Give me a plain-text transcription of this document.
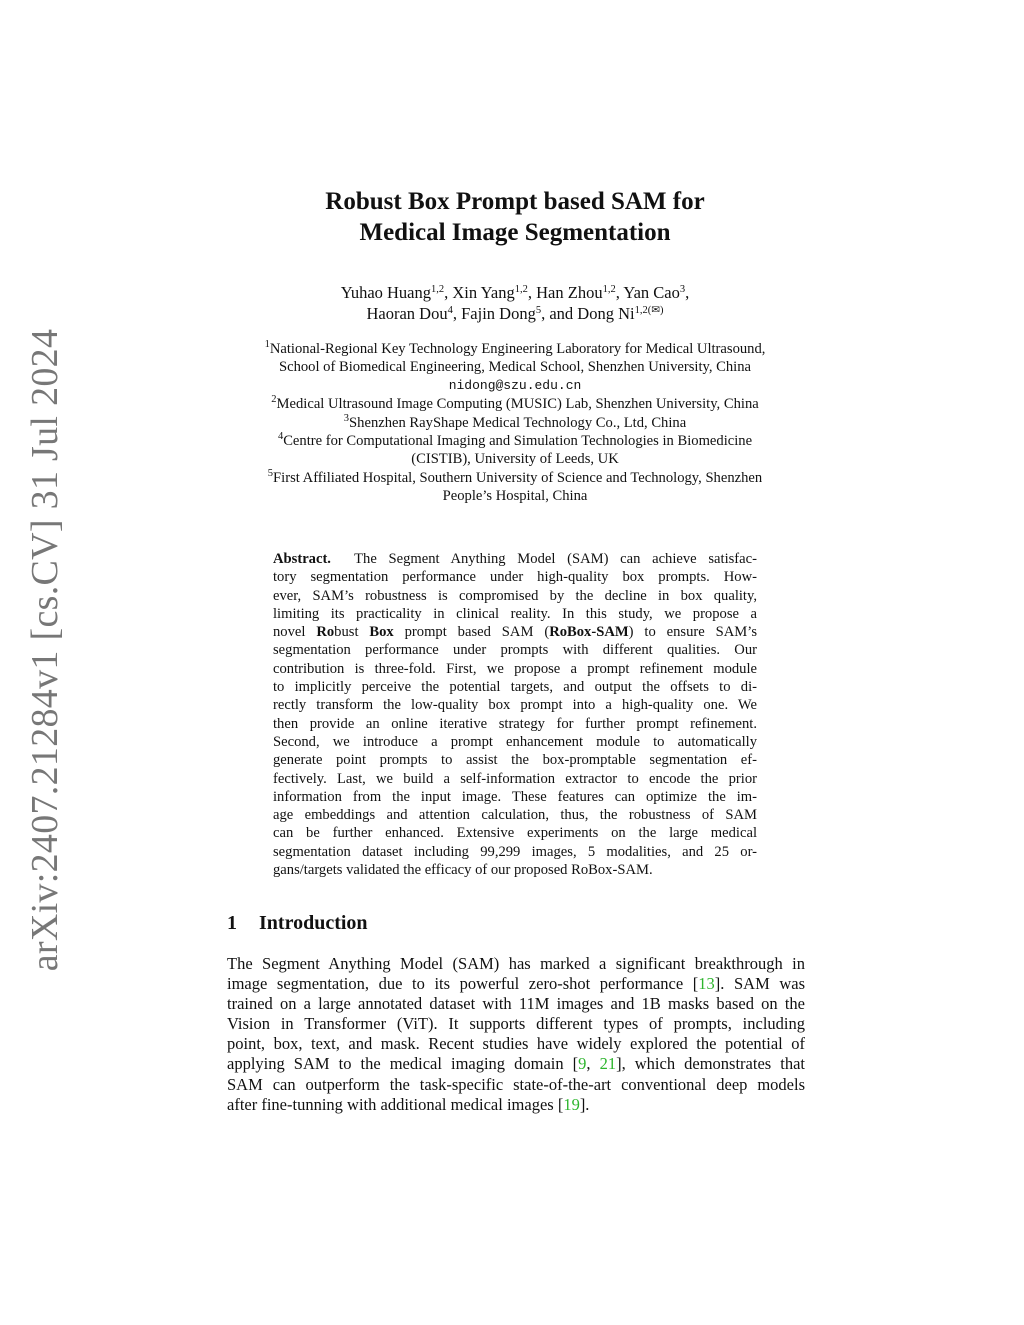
arXiv:2407.21284v1 [cs.CV] 31 Jul 2024
Robust Box Prompt based SAM for
Medical Image Segmentation
Yuhao Huang$^{1,2}$, Xin Yang$^{1,2}$, Han Zhou$^{1,2}$, Yan Cao$^3$,
Haoran Dou$^4$, Fajin Dong$^5$, and Dong $Ni^{1,2(✉)}$
$^1$National-Regional Key Technology Engineering Laboratory for Medical Ultrasound,
School of Biomedical Engineering, Medical School, Shenzhen University, China
nidong@szu.edu.cn
$^2$Medical Ultrasound Image Computing (MUSIC) Lab, Shenzhen University, China
$^3$Shenzhen RayShape Medical Technology Co., Ltd, China
$^4$Centre for Computational Imaging and Simulation Technologies in Biomedicine
(CISTIB), University of Leeds, UK
$^5$First Affiliated Hospital, Southern University of Science and Technology, Shenzhen
People’s Hospital, China
Abstract. The Segment Anything Model (SAM) can achieve satisfac-
tory segmentation performance under high-quality box prompts. How-
ever, SAM’s robustness is compromised by the decline in box quality,
limiting its practicality in clinical reality. In this study, we propose a
novel Robust Box prompt based SAM (RoBox-SAM) to ensure SAM’s
segmentation performance under prompts with different qualities. Our
contribution is three-fold. First, we propose a prompt refinement module
to implicitly perceive the potential targets, and output the offsets to di-
rectly transform the low-quality box prompt into a high-quality one. We
then provide an online iterative strategy for further prompt refinement.
Second, we introduce a prompt enhancement module to automatically
generate point prompts to assist the box-promptable segmentation ef-
fectively. Last, we build a self-information extractor to encode the prior
information from the input image. These features can optimize the im-
age embeddings and attention calculation, thus, the robustness of SAM
can be further enhanced. Extensive experiments on the large medical
segmentation dataset including 99,299 images, 5 modalities, and 25 or-
gans/targets validated the efficacy of our proposed RoBox-SAM.
1 Introduction
The Segment Anything Model (SAM) has marked a significant breakthrough in
image segmentation, due to its powerful zero-shot performance [13]. SAM was
trained on a large annotated dataset with 11M images and 1B masks based on the
Vision in Transformer (ViT). It supports different types of prompts, including
point, box, text, and mask. Recent studies have widely explored the potential of
applying SAM to the medical imaging domain [9, 21], which demonstrates that
SAM can outperform the task-specific state-of-the-art conventional deep models
after fine-tunning with additional medical images [19].
